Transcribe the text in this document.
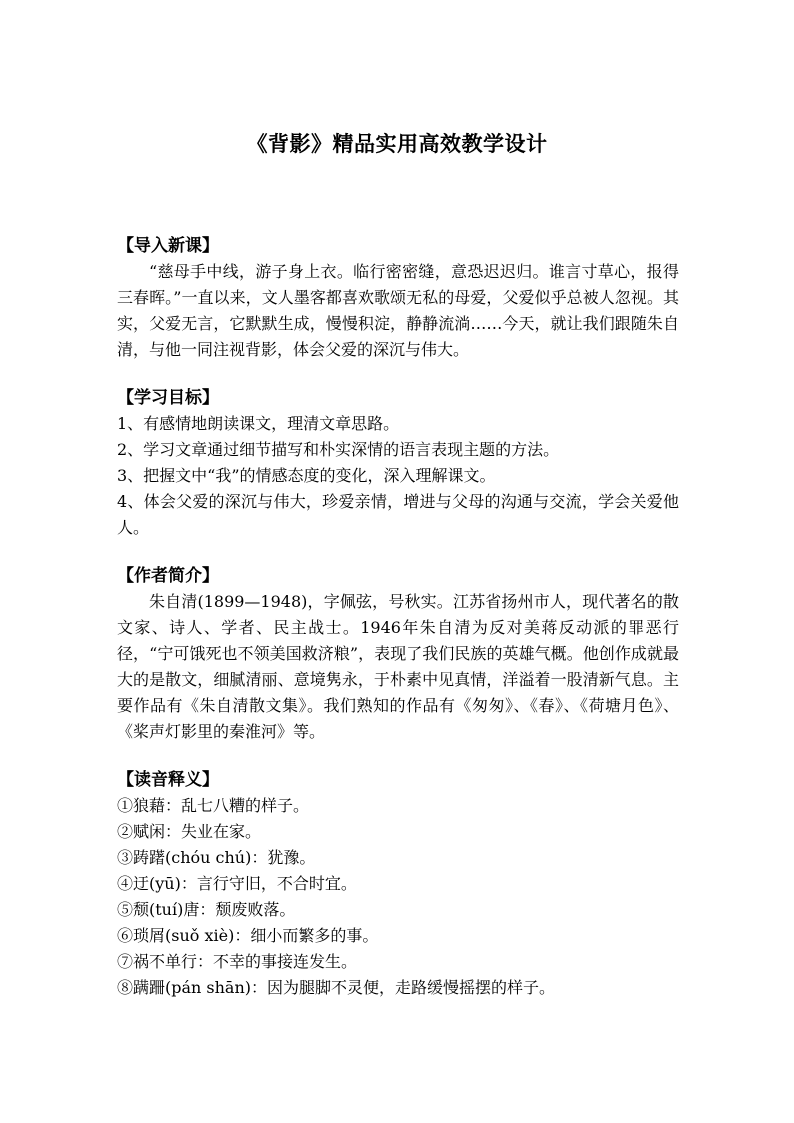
《背影》精品实用高效教学设计
【导入新课】

“慈母手中线，游子身上衣。临行密密缝，意恐迟迟归。谁言寸草心，报得三春晖。”一直以来，文人墨客都喜欢歌颂无私的母爱，父爱似乎总被人忽视。其实，父爱无言，它默默生成，慢慢积淀，静静流淌……今天，就让我们跟随朱自清，与他一同注视背影，体会父爱的深沉与伟大。

【学习目标】

1、有感情地朗读课文，理清文章思路。

2、学习文章通过细节描写和朴实深情的语言表现主题的方法。

3、把握文中“我”的情感态度的变化，深入理解课文。

4、体会父爱的深沉与伟大，珍爱亲情，增进与父母的沟通与交流，学会关爱他人。

【作者简介】

朱自清(1899—1948)，字佩弦，号秋实。江苏省扬州市人，现代著名的散文家、诗人、学者、民主战士。1946年朱自清为反对美蒋反动派的罪恶行径，“宁可饿死也不领美国救济粮”，表现了我们民族的英雄气概。他创作成就最大的是散文，细腻清丽、意境隽永，于朴素中见真情，洋溢着一股清新气息。主要作品有《朱自清散文集》。我们熟知的作品有《匆匆》、《春》、《荷塘月色》、《桨声灯影里的秦淮河》等。

【读音释义】

①狼藉：乱七八糟的样子。

②赋闲：失业在家。

③踌躇(chóu chú)：犹豫。

④迂(yū)：言行守旧，不合时宜。

⑤颓(tuí)唐：颓废败落。

⑥琐屑(suǒ xiè)：细小而繁多的事。

⑦祸不单行：不幸的事接连发生。

⑧蹒跚(pán shān)：因为腿脚不灵便，走路缓慢摇摆的样子。
